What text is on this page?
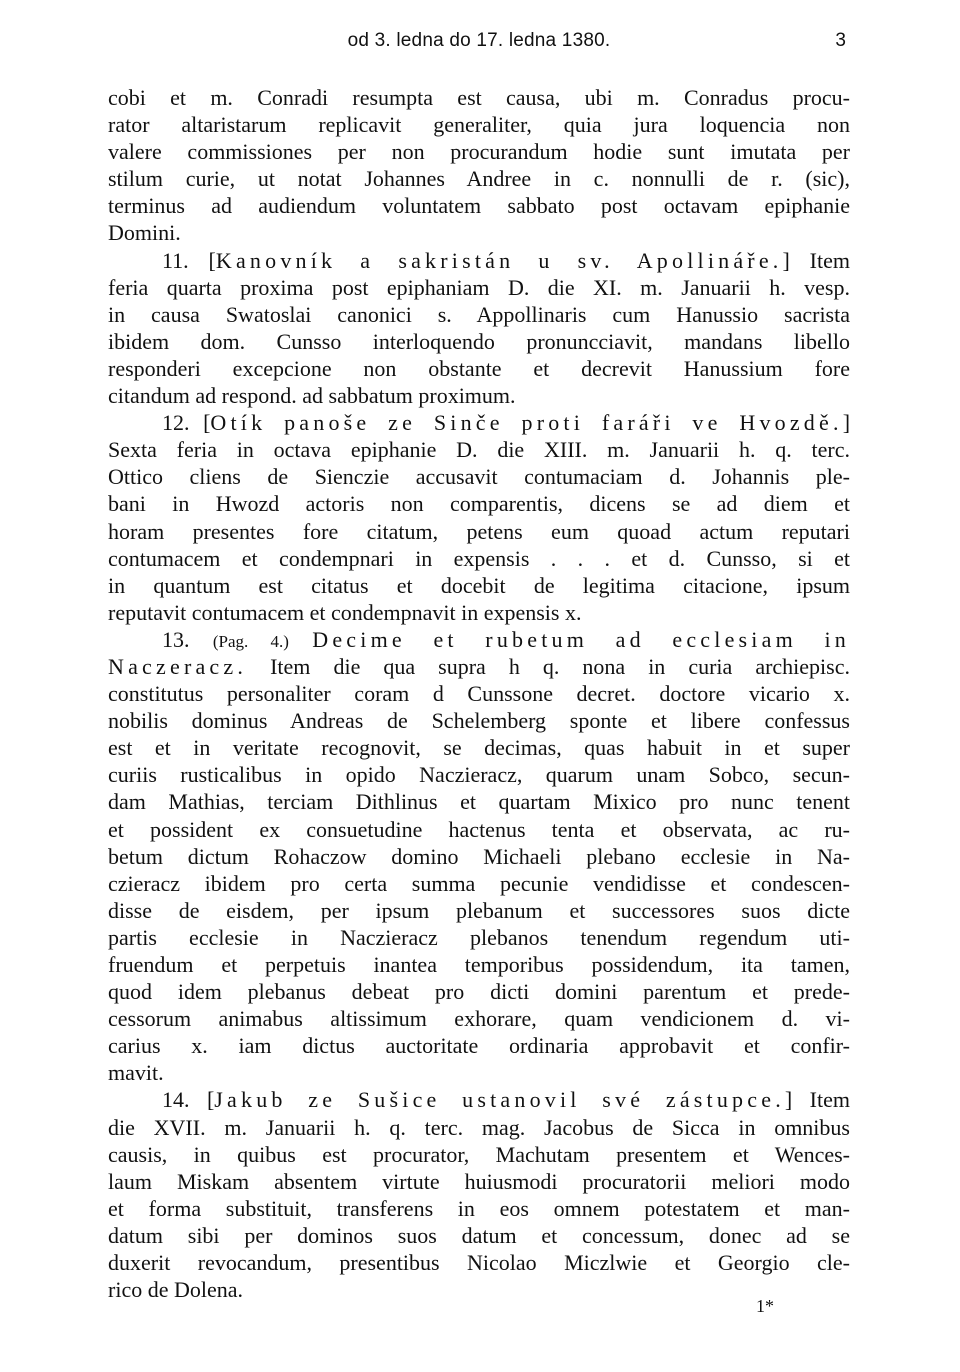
od 3. ledna do 17. ledna 1380.	3
cobi et m. Conradi resumpta est causa, ubi m. Conradus procu-
rator altaristarum replicavit generaliter, quia jura loquencia non
valere commissiones per non procurandum hodie sunt imutata per
stilum curie, ut notat Johannes Andree in c. nonnulli de r. (sic),
terminus ad audiendum voluntatem sabbato post octavam epiphanie
Domini.
11. [Kanovník a sakristán u sv. Apollináře.] Item
feria quarta proxima post epiphaniam D. die XI. m. Januarii h. vesp.
in causa Swatoslai canonici s. Appollinaris cum Hanussio sacrista
ibidem dom. Cunsso interloquendo pronuncciavit, mandans libello
responderi excepcione non obstante et decrevit Hanussium fore
citandum ad respond. ad sabbatum proximum.
12. [Otík panoše ze Sinče proti faráři ve Hvozdě.]
Sexta feria in octava epiphanie D. die XIII. m. Januarii h. q. terc.
Ottico cliens de Sienczie accusavit contumaciam d. Johannis ple-
bani in Hwozd actoris non comparentis, dicens se ad diem et
horam presentes fore citatum, petens eum quoad actum reputari
contumacem et condempnari in expensis . . . et d. Cunsso, si et
in quantum est citatus et docebit de legitima citacione, ipsum
reputavit contumacem et condempnavit in expensis x.
13. (Pag. 4.) Decime et rubetum ad ecclesiam in
Naczeracz. Item die qua supra h q. nona in curia archiepisc.
constitutus personaliter coram d Cunssone decret. doctore vicario x.
nobilis dominus Andreas de Schelemberg sponte et libere confessus
est et in veritate recognovit, se decimas, quas habuit in et super
curiis rusticalibus in opido Naczieracz, quarum unam Sobco, secun-
dam Mathias, terciam Dithlinus et quartam Mixico pro nunc tenent
et possident ex consuetudine hactenus tenta et observata, ac ru-
betum dictum Rohaczow domino Michaeli plebano ecclesie in Na-
czieracz ibidem pro certa summa pecunie vendidisse et condescen-
disse de eisdem, per ipsum plebanum et successores suos dicte
partis ecclesie in Naczieracz plebanos tenendum regendum uti-
fruendum et perpetuis inantea temporibus possidendum, ita tamen,
quod idem plebanus debeat pro dicti domini parentum et prede-
cessorum animabus altissimum exhorare, quam vendicionem d. vi-
carius x. iam dictus auctoritate ordinaria approbavit et confir-
mavit.
14. [Jakub ze Sušice ustanovil své zástupce.] Item
die XVII. m. Januarii h. q. terc. mag. Jacobus de Sicca in omnibus
causis, in quibus est procurator, Machutam presentem et Wences-
laum Miskam absentem virtute huiusmodi procuratorii meliori modo
et forma substituit, transferens in eos omnem potestatem et man-
datum sibi per dominos suos datum et concessum, donec ad se
duxerit revocandum, presentibus Nicolao Miczlwie et Georgio cle-
rico de Dolena.
1*
